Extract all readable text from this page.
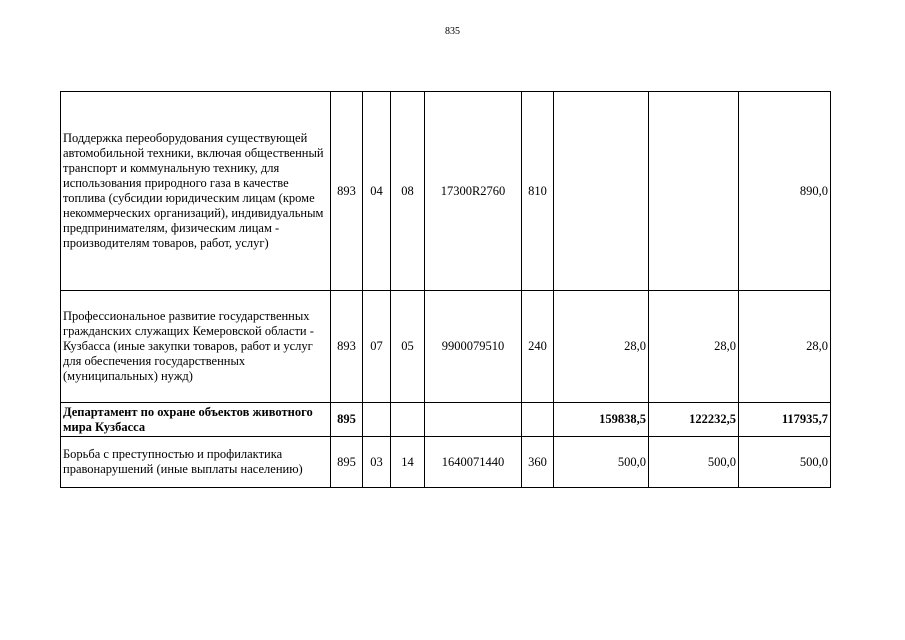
835
Поддержка переоборудования существующей автомобильной техники, включая общественный транспорт и коммунальную технику, для использования природного газа в качестве топлива (субсидии юридическим лицам (кроме некоммерческих организаций), индивидуальным предпринимателям, физическим лицам - производителям товаров, работ, услуг)	893	04	08	17300R2760	810			890,0
Профессиональное развитие государственных гражданских служащих Кемеровской области - Кузбасса (иные закупки товаров, работ и услуг для обеспечения государственных (муниципальных) нужд)	893	07	05	9900079510	240	28,0	28,0	28,0
Департамент по охране объектов животного мира Кузбасса	895					159838,5	122232,5	117935,7
Борьба с преступностью и профилактика правонарушений (иные выплаты населению)	895	03	14	1640071440	360	500,0	500,0	500,0
